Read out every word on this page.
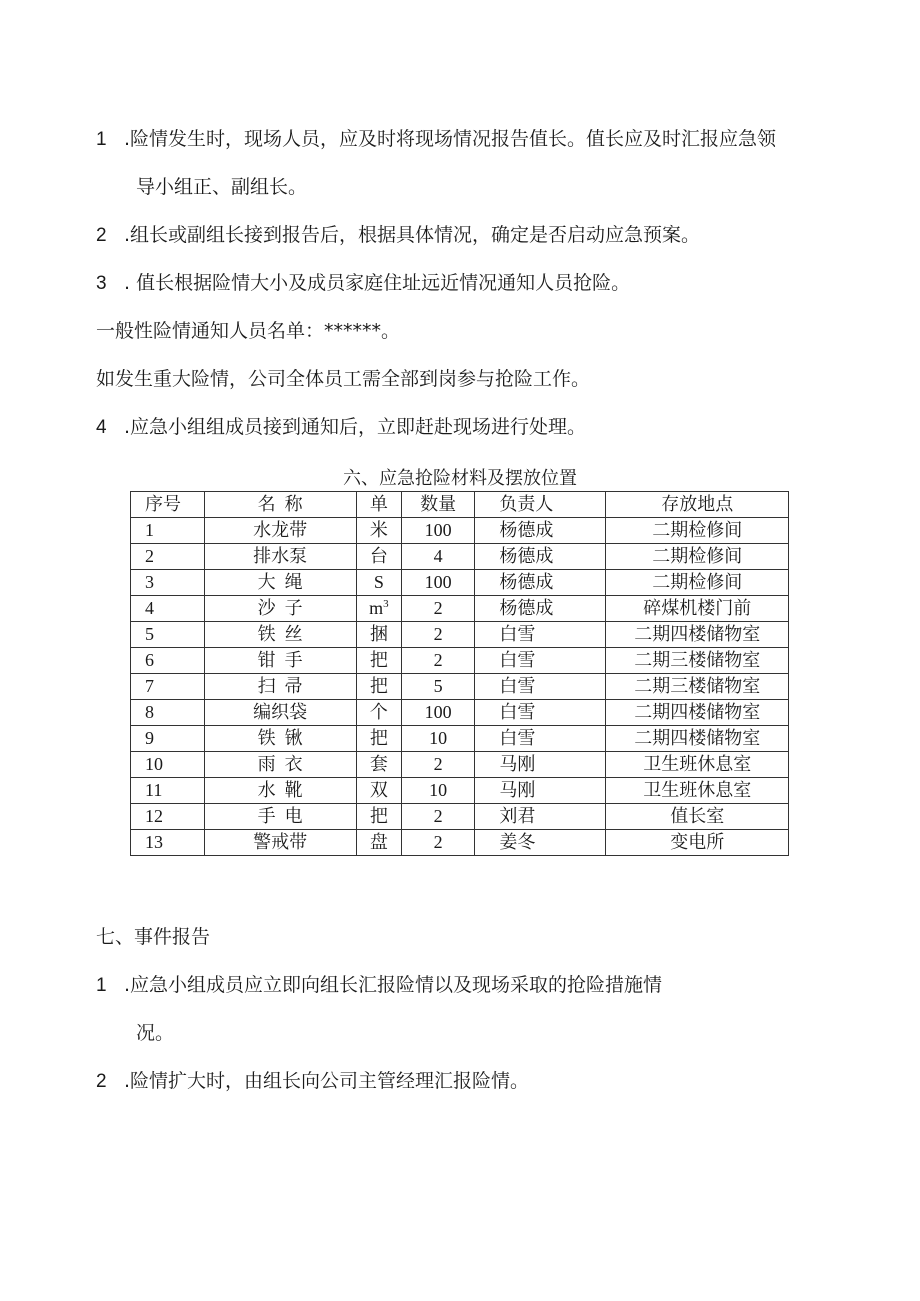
1 .险情发生时，现场人员，应及时将现场情况报告值长。值长应及时汇报应急领
导小组正、副组长。
2 .组长或副组长接到报告后，根据具体情况，确定是否启动应急预案。
3 . 值长根据险情大小及成员家庭住址远近情况通知人员抢险。
一般性险情通知人员名单：******。
如发生重大险情，公司全体员工需全部到岗参与抢险工作。
4 .应急小组组成员接到通知后，立即赶赴现场进行处理。
六、应急抢险材料及摆放位置
序号	名  称	单	数量	负责人	存放地点
1	水龙带	米	100	杨德成	二期检修间
2	排水泵	台	4	杨德成	二期检修间
3	大  绳	S	100	杨德成	二期检修间
4	沙  子	$m^3$	2	杨德成	碎煤机楼门前
5	铁  丝	捆	2	白雪	二期四楼储物室
6	钳  手	把	2	白雪	二期三楼储物室
7	扫  帚	把	5	白雪	二期三楼储物室
8	编织袋	个	100	白雪	二期四楼储物室
9	铁  锹	把	10	白雪	二期四楼储物室
10	雨  衣	套	2	马刚	卫生班休息室
11	水  靴	双	10	马刚	卫生班休息室
12	手  电	把	2	刘君	值长室
13	警戒带	盘	2	姜冬	变电所
七、事件报告
1 .应急小组成员应立即向组长汇报险情以及现场采取的抢险措施情
况。
2 .险情扩大时，由组长向公司主管经理汇报险情。
